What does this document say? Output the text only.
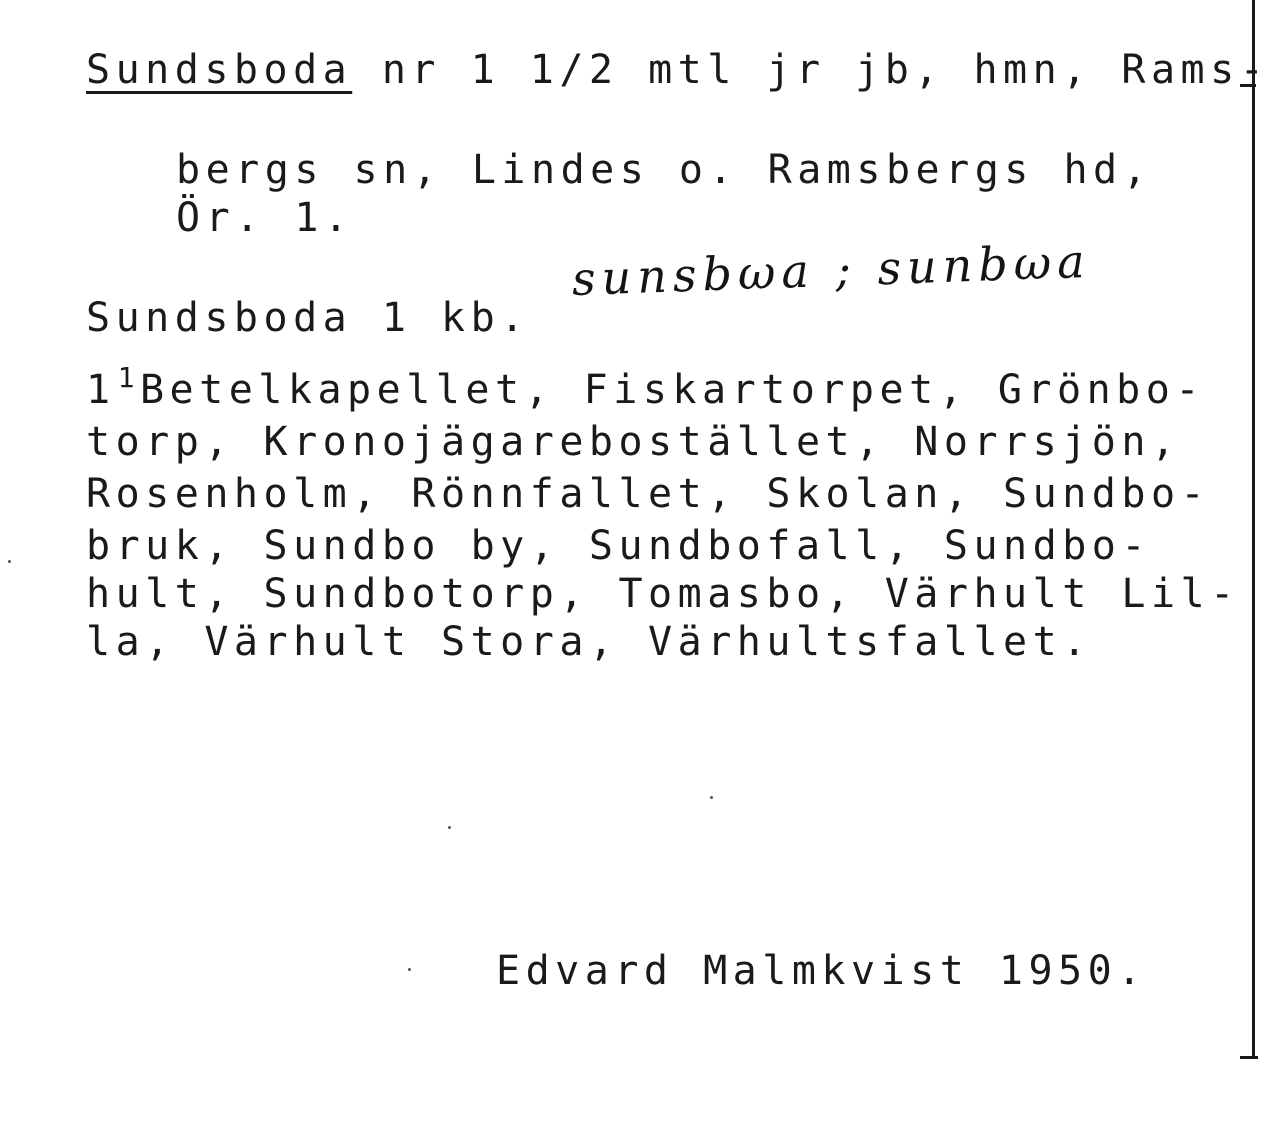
Sundsboda nr 1 1/2 mtl jr jb, hmn, Rams-
bergs sn, Lindes o. Ramsbergs hd,
Ör. 1.
Sundsboda 1 kb.
sunsbωa ; sunbωa
$1^1Betelkapellet$, Fiskartorpet, Grönbo-
torp, Kronojägarebostället, Norrsjön,
Rosenholm, Rönnfallet, Skolan, Sundbo-
bruk, Sundbo by, Sundbofall, Sundbo-
hult, Sundbotorp, Tomasbo, Värhult Lil-
la, Värhult Stora, Värhultsfallet.
Edvard Malmkvist 1950.
